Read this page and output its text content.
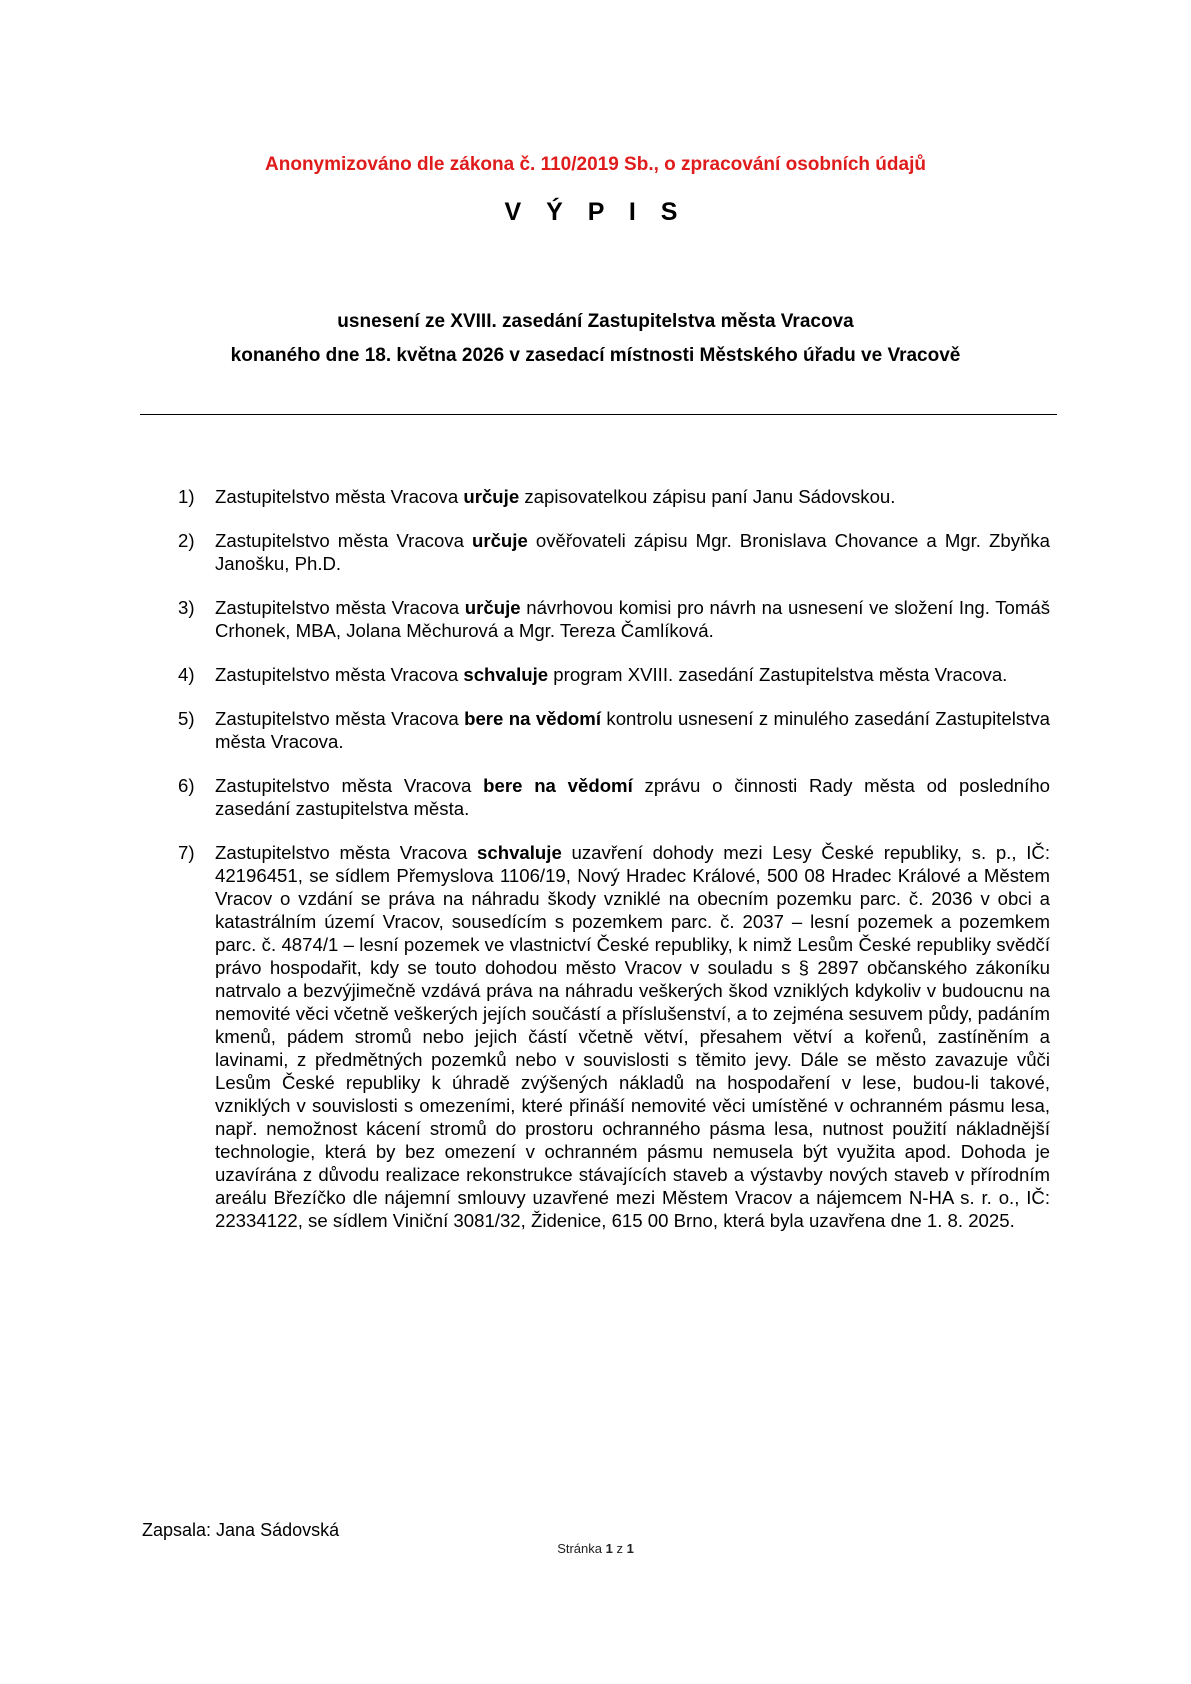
Anonymizováno dle zákona č. 110/2019 Sb., o zpracování osobních údajů
V Ý P I S
usnesení ze XVIII. zasedání Zastupitelstva města Vracova
konaného dne 18. května 2026 v zasedací místnosti Městského úřadu ve Vracově
1) Zastupitelstvo města Vracova určuje zapisovatelkou zápisu paní Janu Sádovskou.
2) Zastupitelstvo města Vracova určuje ověřovateli zápisu Mgr. Bronislava Chovance a Mgr. Zbyňka Janošku, Ph.D.
3) Zastupitelstvo města Vracova určuje návrhovou komisi pro návrh na usnesení ve složení Ing. Tomáš Crhonek, MBA, Jolana Měchurová a Mgr. Tereza Čamlíková.
4) Zastupitelstvo města Vracova schvaluje program XVIII. zasedání Zastupitelstva města Vracova.
5) Zastupitelstvo města Vracova bere na vědomí kontrolu usnesení z minulého zasedání Zastupitelstva města Vracova.
6) Zastupitelstvo města Vracova bere na vědomí zprávu o činnosti Rady města od posledního zasedání zastupitelstva města.
7) Zastupitelstvo města Vracova schvaluje uzavření dohody mezi Lesy České republiky, s. p., IČ: 42196451, se sídlem Přemyslova 1106/19, Nový Hradec Králové, 500 08 Hradec Králové a Městem Vracov o vzdání se práva na náhradu škody vzniklé na obecním pozemku parc. č. 2036 v obci a katastrálním území Vracov, sousedícím s pozemkem parc. č. 2037 – lesní pozemek a pozemkem parc. č. 4874/1 – lesní pozemek ve vlastnictví České republiky, k nimž Lesům České republiky svědčí právo hospodařit, kdy se touto dohodou město Vracov v souladu s § 2897 občanského zákoníku natrvalo a bezvýjimečně vzdává práva na náhradu veškerých škod vzniklých kdykoliv v budoucnu na nemovité věci včetně veškerých jejích součástí a příslušenství, a to zejména sesuvem půdy, padáním kmenů, pádem stromů nebo jejich částí včetně větví, přesahem větví a kořenů, zastíněním a lavinami, z předmětných pozemků nebo v souvislosti s těmito jevy. Dále se město zavazuje vůči Lesům České republiky k úhradě zvýšených nákladů na hospodaření v lese, budou-li takové, vzniklých v souvislosti s omezeními, které přináší nemovité věci umístěné v ochranném pásmu lesa, např. nemožnost kácení stromů do prostoru ochranného pásma lesa, nutnost použití nákladnější technologie, která by bez omezení v ochranném pásmu nemusela být využita apod. Dohoda je uzavírána z důvodu realizace rekonstrukce stávajících staveb a výstavby nových staveb v přírodním areálu Březíčko dle nájemní smlouvy uzavřené mezi Městem Vracov a nájemcem N-HA s. r. o., IČ: 22334122, se sídlem Viniční 3081/32, Židenice, 615 00 Brno, která byla uzavřena dne 1. 8. 2025.
Zapsala: Jana Sádovská
Stránka 1 z 1
